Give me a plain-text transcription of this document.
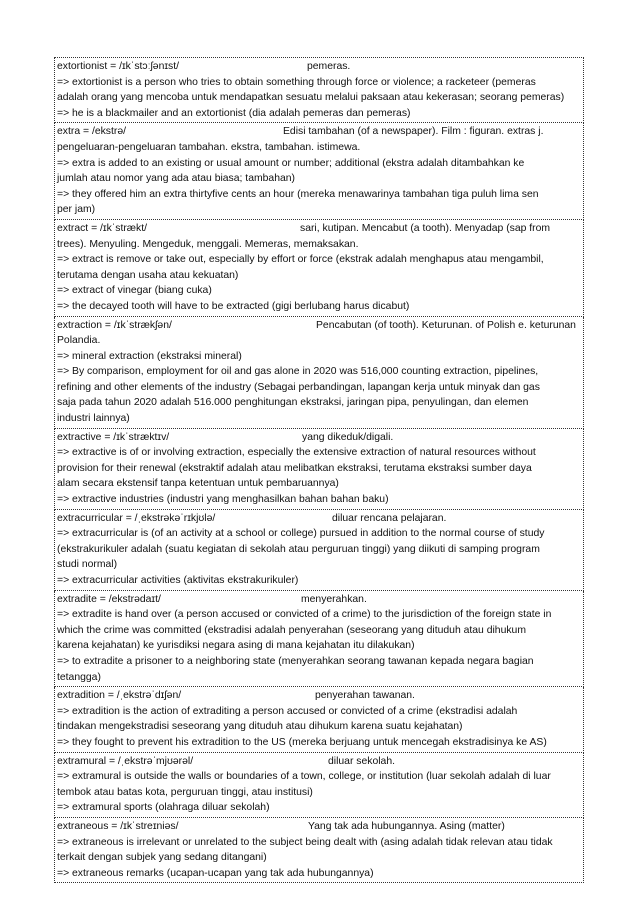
extortionist = /ɪkˈstɔːʃənɪst/	pemeras.
=> extortionist is a person who tries to obtain something through force or violence; a racketeer (pemeras
adalah orang yang mencoba untuk mendapatkan sesuatu melalui paksaan atau kekerasan; seorang pemeras)
=> he is a blackmailer and an extortionist (dia adalah pemeras dan pemeras)
extra = /ekstrə/	Edisi tambahan (of a newspaper). Film : figuran. extras j.
pengeluaran-pengeluaran tambahan. ekstra, tambahan. istimewa.
=> extra is added to an existing or usual amount or number; additional (ekstra adalah ditambahkan ke
jumlah atau nomor yang ada atau biasa; tambahan)
=> they offered him an extra thirtyfive cents an hour (mereka menawarinya tambahan tiga puluh lima sen
per jam)
extract = /ɪkˈstrækt/	sari, kutipan. Mencabut (a tooth). Menyadap (sap from
trees). Menyuling. Mengeduk, menggali. Memeras, memaksakan.
=> extract is remove or take out, especially by effort or force (ekstrak adalah menghapus atau mengambil,
terutama dengan usaha atau kekuatan)
=> extract of vinegar (biang cuka)
=> the decayed tooth will have to be extracted (gigi berlubang harus dicabut)
extraction = /ɪkˈstrækʃən/	Pencabutan (of tooth). Keturunan. of Polish e. keturunan
Polandia.
=> mineral extraction (ekstraksi mineral)
=> By comparison, employment for oil and gas alone in 2020 was 516,000 counting extraction, pipelines,
refining and other elements of the industry (Sebagai perbandingan, lapangan kerja untuk minyak dan gas
saja pada tahun 2020 adalah 516.000 penghitungan ekstraksi, jaringan pipa, penyulingan, dan elemen
industri lainnya)
extractive = /ɪkˈstræktɪv/	yang dikeduk/digali.
=> extractive is of or involving extraction, especially the extensive extraction of natural resources without
provision for their renewal (ekstraktif adalah atau melibatkan ekstraksi, terutama ekstraksi sumber daya
alam secara ekstensif tanpa ketentuan untuk pembaruannya)
=> extractive industries (industri yang menghasilkan bahan bahan baku)
extracurricular = /ˌekstrəkəˈrɪkjʊlə/	diluar rencana pelajaran.
=> extracurricular is (of an activity at a school or college) pursued in addition to the normal course of study
(ekstrakurikuler adalah (suatu kegiatan di sekolah atau perguruan tinggi) yang diikuti di samping program
studi normal)
=> extracurricular activities (aktivitas ekstrakurikuler)
extradite = /ekstrədaɪt/	menyerahkan.
=> extradite is hand over (a person accused or convicted of a crime) to the jurisdiction of the foreign state in
which the crime was committed (ekstradisi adalah penyerahan (seseorang yang dituduh atau dihukum
karena kejahatan) ke yurisdiksi negara asing di mana kejahatan itu dilakukan)
=> to extradite a prisoner to a neighboring state (menyerahkan seorang tawanan kepada negara bagian
tetangga)
extradition = /ˌekstrəˈdɪʃən/	penyerahan tawanan.
=> extradition is the action of extraditing a person accused or convicted of a crime (ekstradisi adalah
tindakan mengekstradisi seseorang yang dituduh atau dihukum karena suatu kejahatan)
=> they fought to prevent his extradition to the US (mereka berjuang untuk mencegah ekstradisinya ke AS)
extramural = /ˌekstrəˈmjʊərəl/	diluar sekolah.
=> extramural is outside the walls or boundaries of a town, college, or institution (luar sekolah adalah di luar
tembok atau batas kota, perguruan tinggi, atau institusi)
=> extramural sports (olahraga diluar sekolah)
extraneous = /ɪkˈstreɪniəs/	Yang tak ada hubungannya. Asing (matter)
=> extraneous is irrelevant or unrelated to the subject being dealt with (asing adalah tidak relevan atau tidak
terkait dengan subjek yang sedang ditangani)
=> extraneous remarks (ucapan-ucapan yang tak ada hubungannya)
